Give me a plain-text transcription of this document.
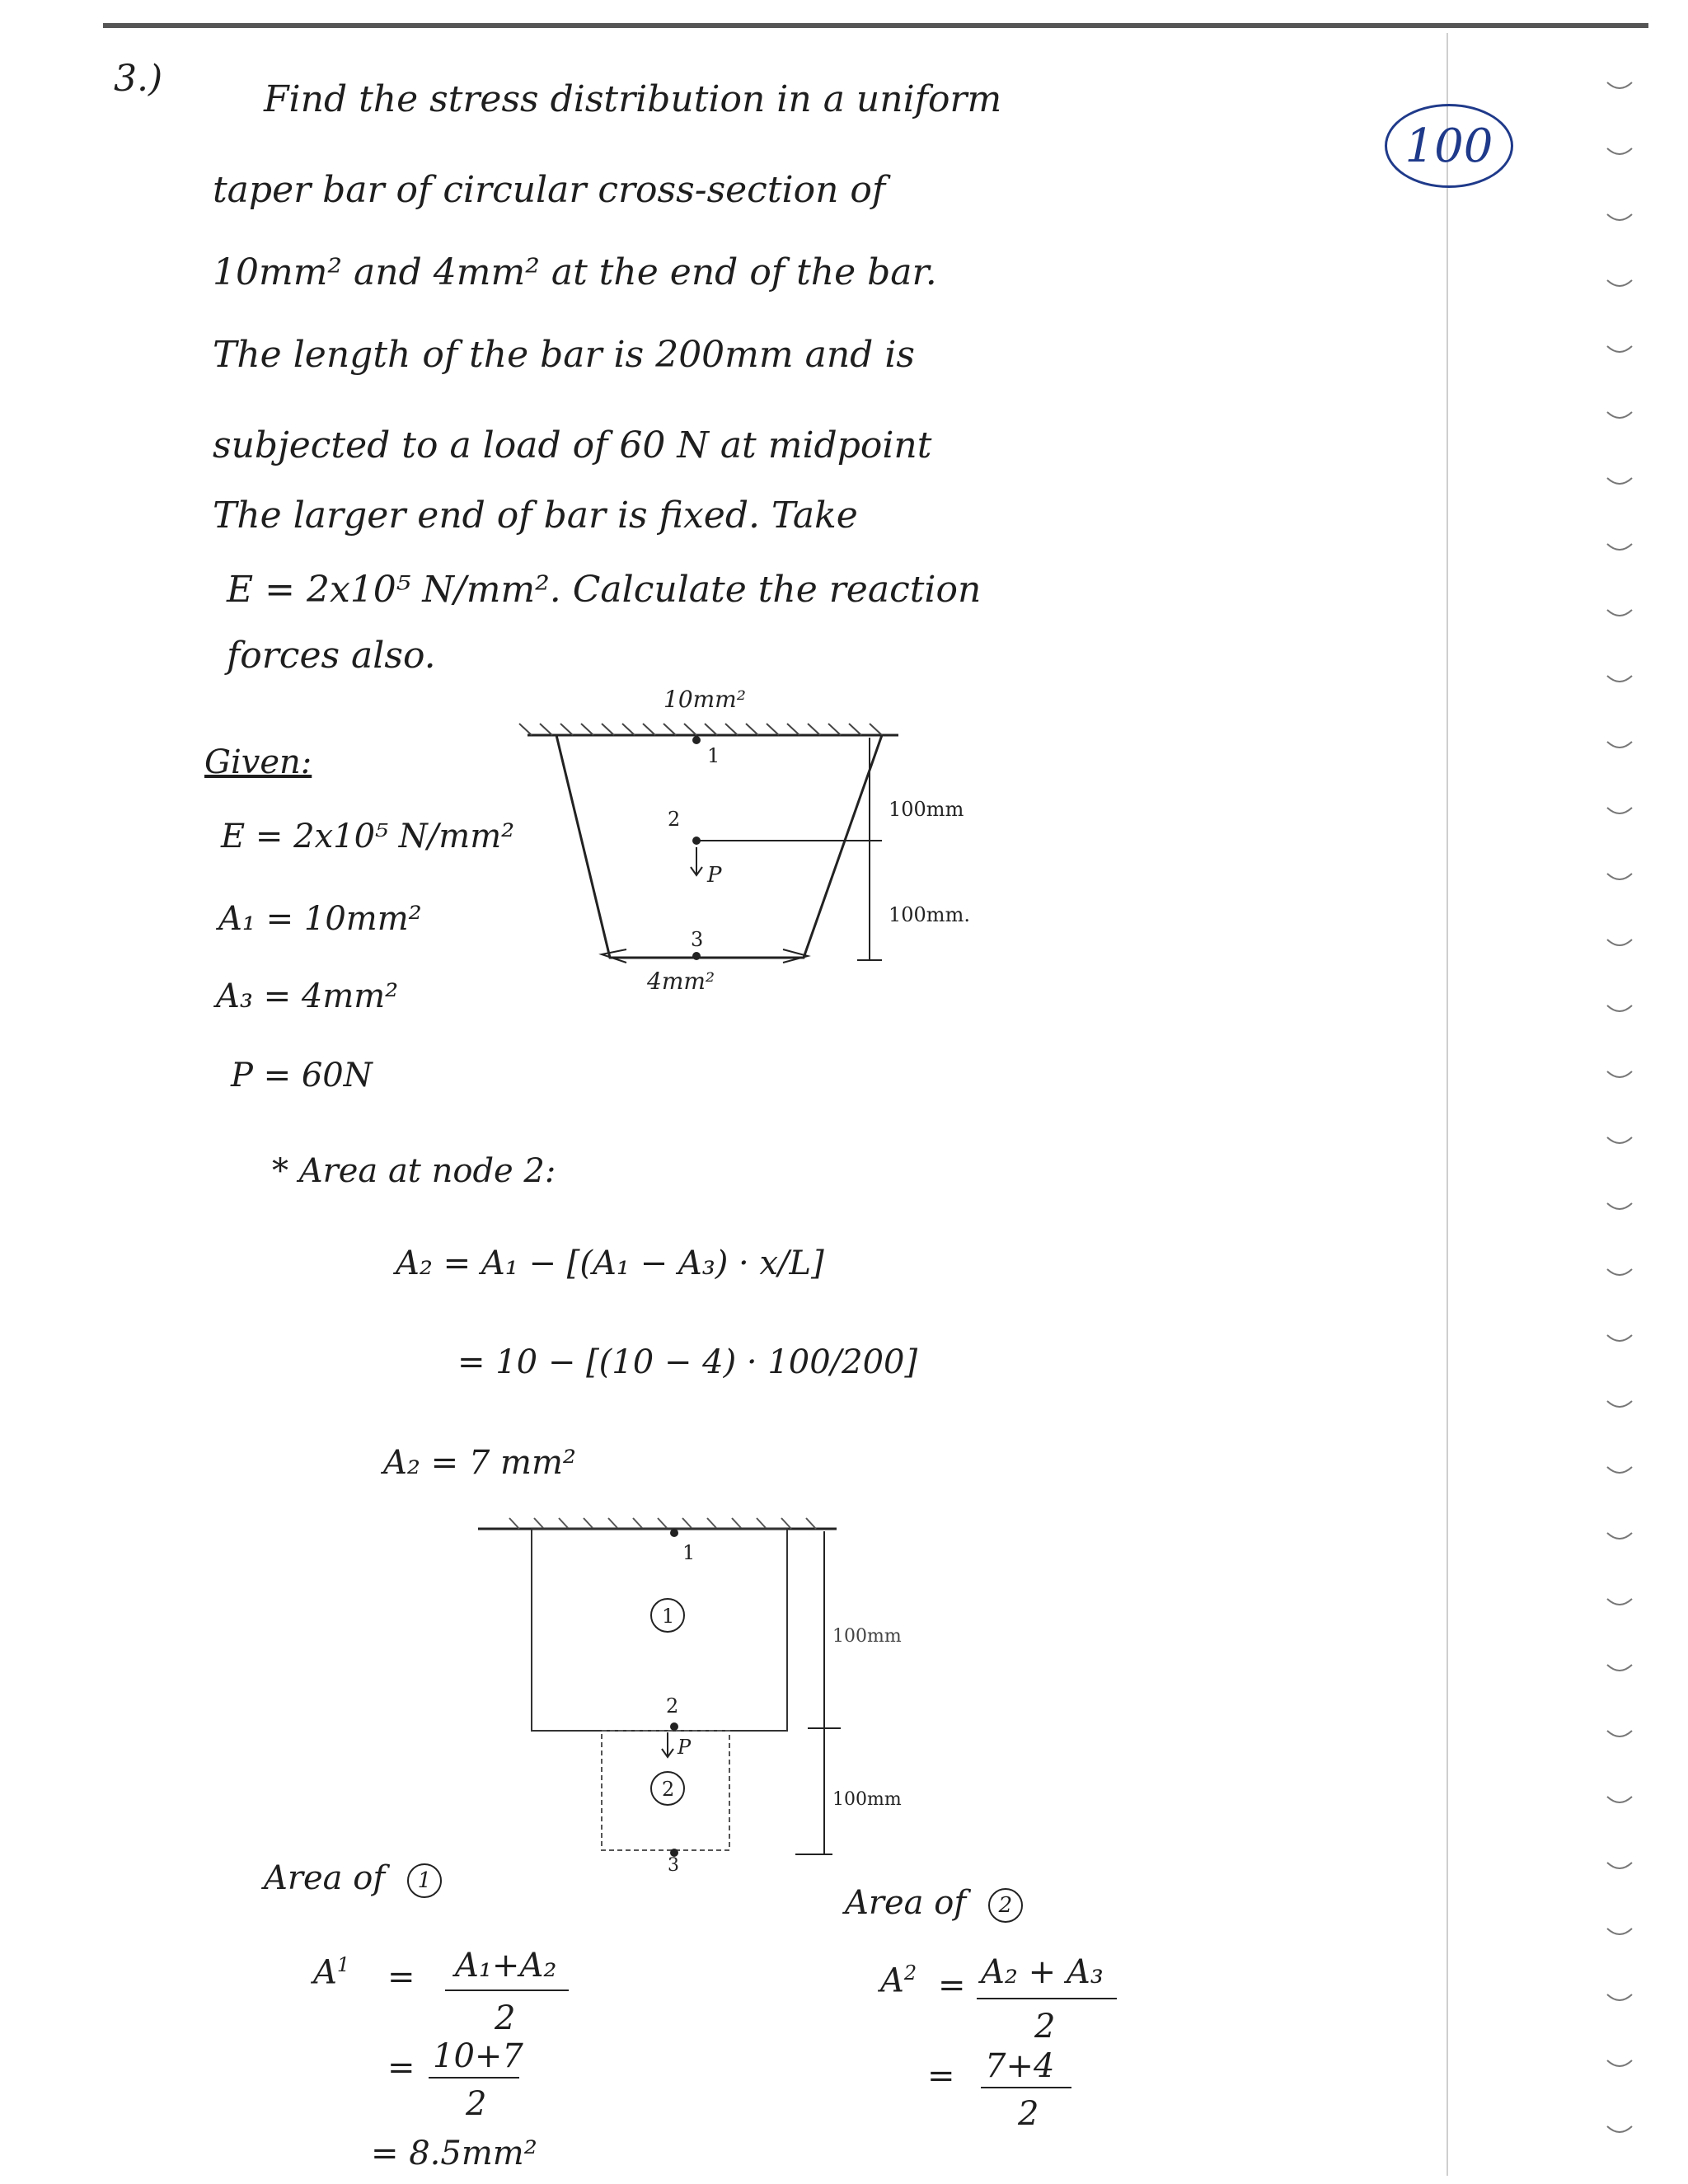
3.)
100
Find the stress distribution in a uniform
taper bar of circular cross-section of
10mm² and 4mm² at the end of the bar.
The length of the bar is 200mm and is
subjected to a load of 60 N at midpoint
The larger end of bar is fixed. Take
E = 2x10⁵ N/mm². Calculate the reaction
forces also.
Given:
E = 2x10⁵ N/mm²
A₁ = 10mm²
A₃ = 4mm²
P = 60N
10mm²
1
2
P
3
4mm²
100mm
100mm.
* Area at node 2:
A₂ = A₁ − [(A₁ − A₃) · x/L]
= 10 − [(10 − 4) · 100/200]
A₂ = 7 mm²
1
1
2
P
2
3
100mm
100mm
Area of 1
$A^1 = A_1+A_2$
2
= 10+7
2
= 8.5mm²
Area of 2
$A^2 = A_2 + A_3$
2
= 7+4
2
